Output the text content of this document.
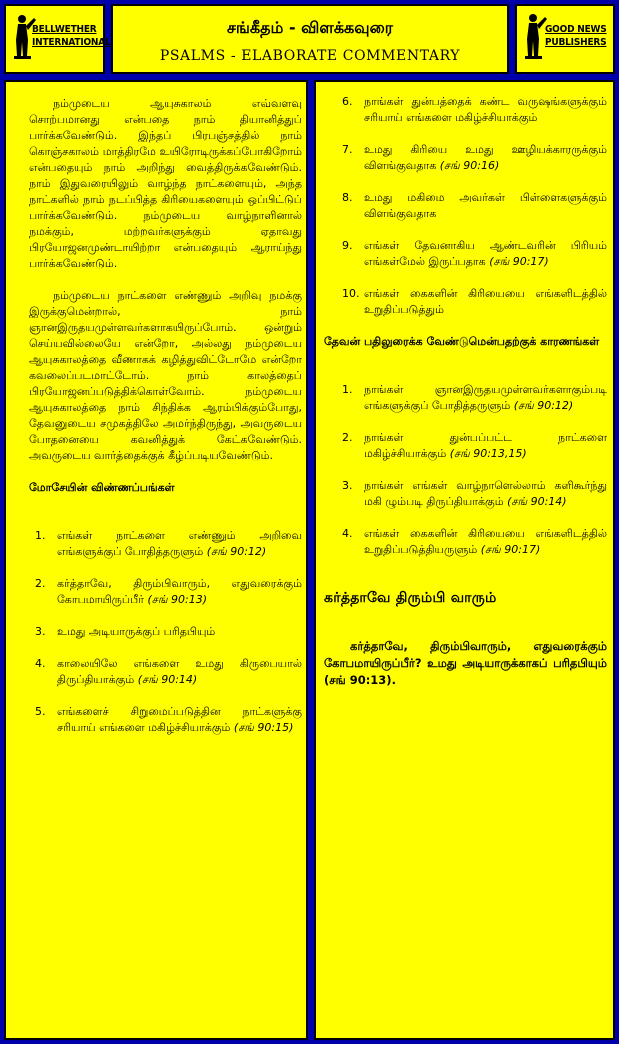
BELLWETHER
INTERNATIONAL
சங்கீதம் - விளக்கவுரை
PSALMS - ELABORATE COMMENTARY
GOOD NEWS
PUBLISHERS

நம்முடைய ஆயுசுகாலம் எவ்வளவு சொற்பமானது என்பதை நாம் தியானித்துப் பார்க்கவேண்டும். இந்தப் பிரபஞ்சத்தில் நாம் கொஞ்சகாலம் மாத்திரமே உயிரோடிருக்கப்போகிறோம் என்பதையும் நாம் அறிந்து வைத்திருக்கவேண்டும். நாம் இதுவரையிலும் வாழ்ந்த நாட்களையும், அந்த நாட்களில் நாம் நடப்பித்த கிரியைகளையும் ஒப்பிட்டுப் பார்க்கவேண்டும். நம்முடைய வாழ்நாளினால் நமக்கும், மற்றவர்களுக்கும் ஏதாவது பிரயோஜனமுண்டாயிற்றா என்பதையும் ஆராய்ந்து பார்க்கவேண்டும்.

நம்முடைய நாட்களை எண்ணும் அறிவு நமக்கு இருக்குமென்றால், நாம் ஞானஇருதயமுள்ளவர்களாகயிருப்போம். ஒன்றும் செய்யவில்லையே என்றோ, அல்லது நம்முடைய ஆயுசுகாலத்தை வீணாகக் கழித்துவிட்டோமே என்றோ கவலைப்படமாட்டோம். நாம் காலத்தைப் பிரயோஜனப்படுத்திக்கொள்வோம். நம்முடைய ஆயுசுகாலத்தை நாம் சிந்திக்க ஆரம்பிக்கும்போது, தேவனுடைய சமுகத்திலே அமர்ந்திருந்து, அவருடைய போதனையை கவனித்துக் கேட்கவேண்டும். அவருடைய வார்த்தைக்குக் கீழ்ப்படியவேண்டும்.

மோசேயின் விண்ணப்பங்கள்

1. எங்கள் நாட்களை எண்ணும் அறிவை எங்களுக்குப் போதித்தருளும் (சங் 90:12)
2. கர்த்தாவே, திரும்பிவாரும், எதுவரைக்கும் கோபமாயிருப்பீர் (சங் 90:13)
3. உமது அடியாருக்குப் பரிதபியும்
4. காலையிலே எங்களை உமது கிருபையால் திருப்தியாக்கும் (சங் 90:14)
5. எங்களைச் சிறுமைப்படுத்தின நாட்களுக்கு சரியாய் எங்களை மகிழ்ச்சியாக்கும் (சங் 90:15)
6. நாங்கள் துன்பத்தைக் கண்ட வருஷங்களுக்கும் சரியாய் எங்களை மகிழ்ச்சியாக்கும்
7. உமது கிரியை உமது ஊழியக்காரருக்கும் விளங்குவதாக (சங் 90:16)
8. உமது மகிமை அவர்கள் பிள்ளைகளுக்கும் விளங்குவதாக
9. எங்கள் தேவனாகிய ஆண்டவரின் பிரியம் எங்கள்மேல் இருப்பதாக (சங் 90:17)
10. எங்கள் கைகளின் கிரியையை எங்களிடத்தில் உறுதிப்படுத்தும்

தேவன் பதிலுரைக்க வேண்டுமென்பதற்குக் காரணங்கள்

1. நாங்கள் ஞானஇருதயமுள்ளவர்களாகும்படி எங்களுக்குப் போதித்தருளும் (சங் 90:12)
2. நாங்கள் துன்பப்பட்ட நாட்களை மகிழ்ச்சியாக்கும் (சங் 90:13,15)
3. நாங்கள் எங்கள் வாழ்நாளெல்லாம் களிகூர்ந்து மகி ழும்படி திருப்தியாக்கும் (சங் 90:14)
4. எங்கள் கைகளின் கிரியையை எங்களிடத்தில் உறுதிப்படுத்தியருளும் (சங் 90:17)

கர்த்தாவே திரும்பி வாரும்

கர்த்தாவே, திரும்பிவாரும், எதுவரைக்கும் கோபமாயிருப்பீர்? உமது அடியாருக்காகப் பரிதபியும் (சங் 90:13).
